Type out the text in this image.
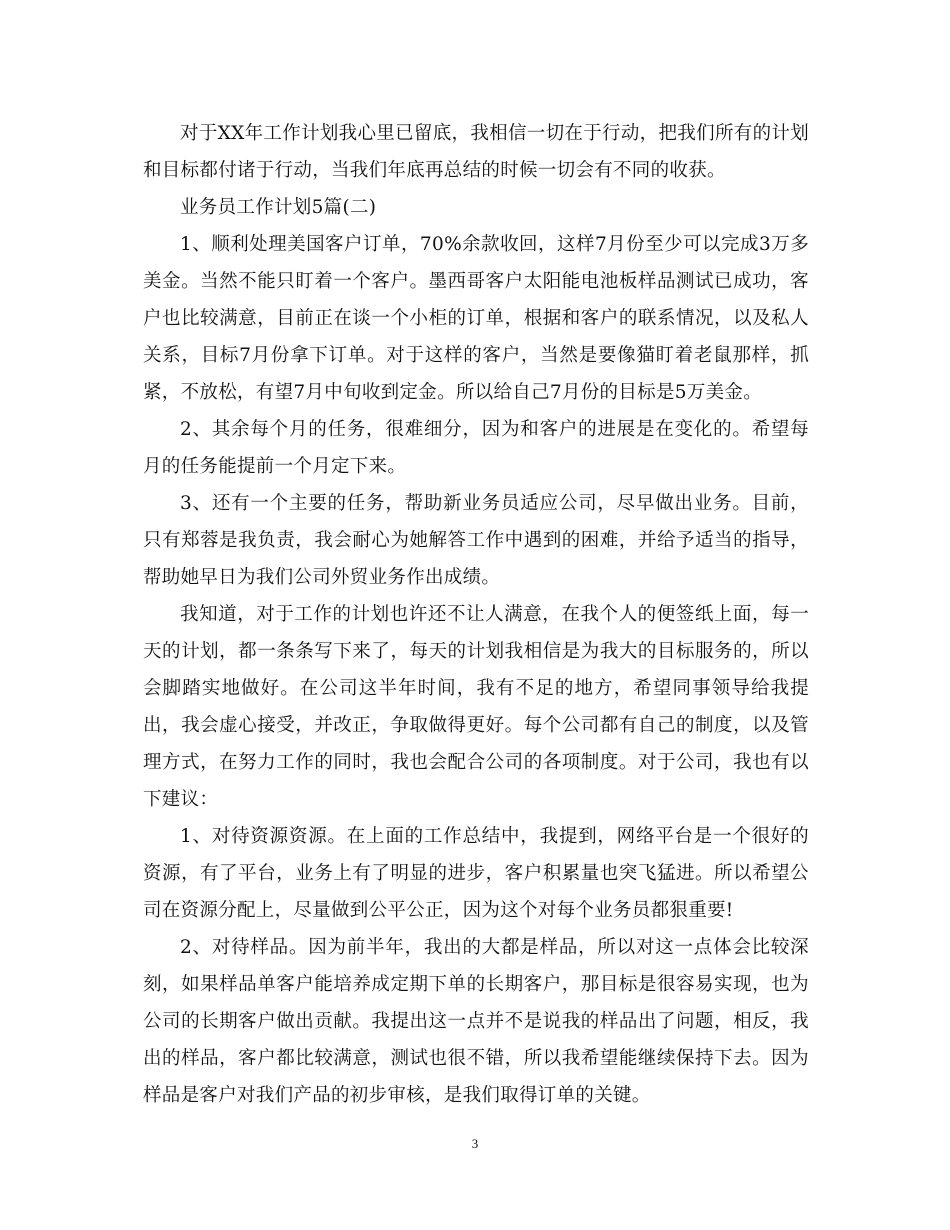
对于XX年工作计划我心里已留底，我相信一切在于行动，把我们所有的计划和目标都付诸于行动，当我们年底再总结的时候一切会有不同的收获。

业务员工作计划5篇(二)

1、顺利处理美国客户订单，70%余款收回，这样7月份至少可以完成3万多美金。当然不能只盯着一个客户。墨西哥客户太阳能电池板样品测试已成功，客户也比较满意，目前正在谈一个小柜的订单，根据和客户的联系情况，以及私人关系，目标7月份拿下订单。对于这样的客户，当然是要像猫盯着老鼠那样，抓紧，不放松，有望7月中旬收到定金。所以给自己7月份的目标是5万美金。

2、其余每个月的任务，很难细分，因为和客户的进展是在变化的。希望每月的任务能提前一个月定下来。

3、还有一个主要的任务，帮助新业务员适应公司，尽早做出业务。目前，只有郑蓉是我负责，我会耐心为她解答工作中遇到的困难，并给予适当的指导，帮助她早日为我们公司外贸业务作出成绩。

我知道，对于工作的计划也许还不让人满意，在我个人的便签纸上面，每一天的计划，都一条条写下来了，每天的计划我相信是为我大的目标服务的，所以会脚踏实地做好。在公司这半年时间，我有不足的地方，希望同事领导给我提出，我会虚心接受，并改正，争取做得更好。每个公司都有自己的制度，以及管理方式，在努力工作的同时，我也会配合公司的各项制度。对于公司，我也有以下建议：

1、对待资源资源。在上面的工作总结中，我提到，网络平台是一个很好的资源，有了平台，业务上有了明显的进步，客户积累量也突飞猛进。所以希望公司在资源分配上，尽量做到公平公正，因为这个对每个业务员都狠重要!

2、对待样品。因为前半年，我出的大都是样品，所以对这一点体会比较深刻，如果样品单客户能培养成定期下单的长期客户，那目标是很容易实现，也为公司的长期客户做出贡献。我提出这一点并不是说我的样品出了问题，相反，我出的样品，客户都比较满意，测试也很不错，所以我希望能继续保持下去。因为样品是客户对我们产品的初步审核，是我们取得订单的关键。

3
